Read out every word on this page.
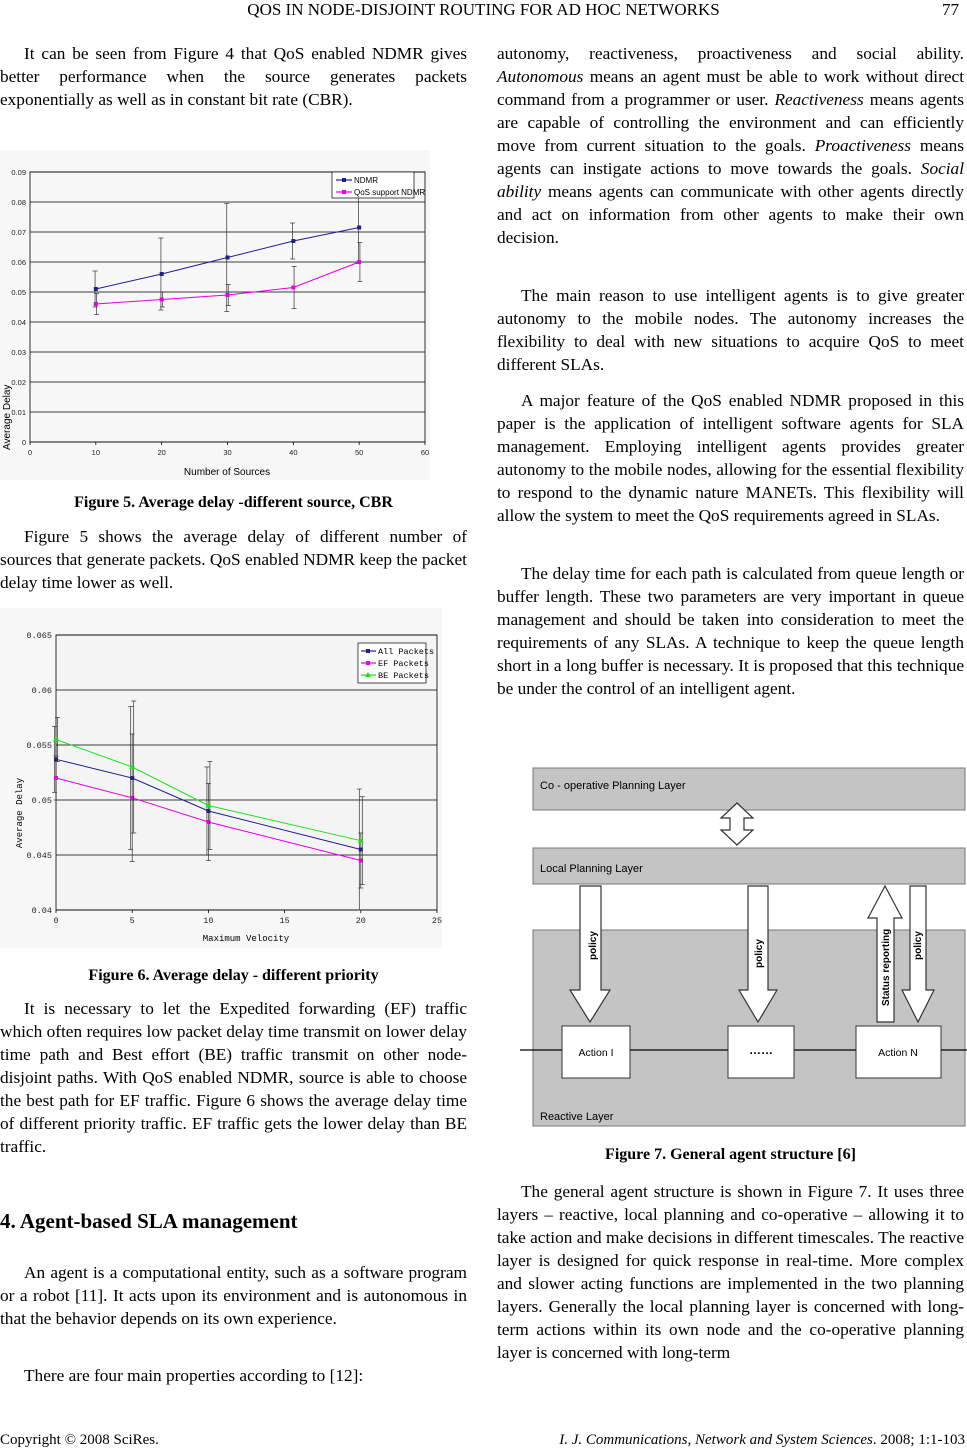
QOS IN NODE-DISJOINT ROUTING FOR AD HOC NETWORKS	77

It can be seen from Figure 4 that QoS enabled NDMR gives better performance when the source generates packets exponentially as well as in constant bit rate (CBR).

0
0.01
0.02
0.03
0.04
0.05
0.06
0.07
0.08
0.09
0	10	20	30	40	50	60
Number of Sources
Average Delay
NDMR
QoS support NDMR
Figure 5. Average delay -different source, CBR

Figure 5 shows the average delay of different number of sources that generate packets. QoS enabled NDMR keep the packet delay time lower as well.

0.04
0.045
0.05
0.055
0.06
0.065
0	5	10	15	20	25
Maximum Velocity
Average Delay
All Packets
EF Packets
BE Packets
Figure 6. Average delay - different priority

It is necessary to let the Expedited forwarding (EF) traffic which often requires low packet delay time transmit on lower delay time path and Best effort (BE) traffic transmit on other node-disjoint paths. With QoS enabled NDMR, source is able to choose the best path for EF traffic. Figure 6 shows the average delay time of different priority traffic. EF traffic gets the lower delay than BE traffic.

4. Agent-based SLA management

An agent is a computational entity, such as a software program or a robot [11]. It acts upon its environment and is autonomous in that the behavior depends on its own experience.

There are four main properties according to [12]:

autonomy, reactiveness, proactiveness and social ability. Autonomous means an agent must be able to work without direct command from a programmer or user. Reactiveness means agents are capable of controlling the environment and can efficiently move from current situation to the goals. Proactiveness means agents can instigate actions to move towards the goals. Social ability means agents can communicate with other agents directly and act on information from other agents to make their own decision.

The main reason to use intelligent agents is to give greater autonomy to the mobile nodes. The autonomy increases the flexibility to deal with new situations to acquire QoS to meet different SLAs.

A major feature of the QoS enabled NDMR proposed in this paper is the application of intelligent software agents for SLA management. Employing intelligent agents provides greater autonomy to the mobile nodes, allowing for the essential flexibility to respond to the dynamic nature MANETs. This flexibility will allow the system to meet the QoS requirements agreed in SLAs.

The delay time for each path is calculated from queue length or buffer length. These two parameters are very important in queue management and should be taken into consideration to meet the requirements of any SLAs. A technique to keep the queue length short in a long buffer is necessary. It is proposed that this technique be under the control of an intelligent agent.

Co - operative Planning Layer
Local Planning Layer
Reactive Layer
policy	policy	Status reporting policy
Action I	……	Action N
Figure 7. General agent structure [6]

The general agent structure is shown in Figure 7. It uses three layers – reactive, local planning and co-operative – allowing it to take action and make decisions in different timescales. The reactive layer is designed for quick response in real-time. More complex and slower acting functions are implemented in the two planning layers. Generally the local planning layer is concerned with long-term actions within its own node and the co-operative planning layer is concerned with long-term

Copyright © 2008 SciRes.	I. J. Communications, Network and System Sciences. 2008; 1:1-103
